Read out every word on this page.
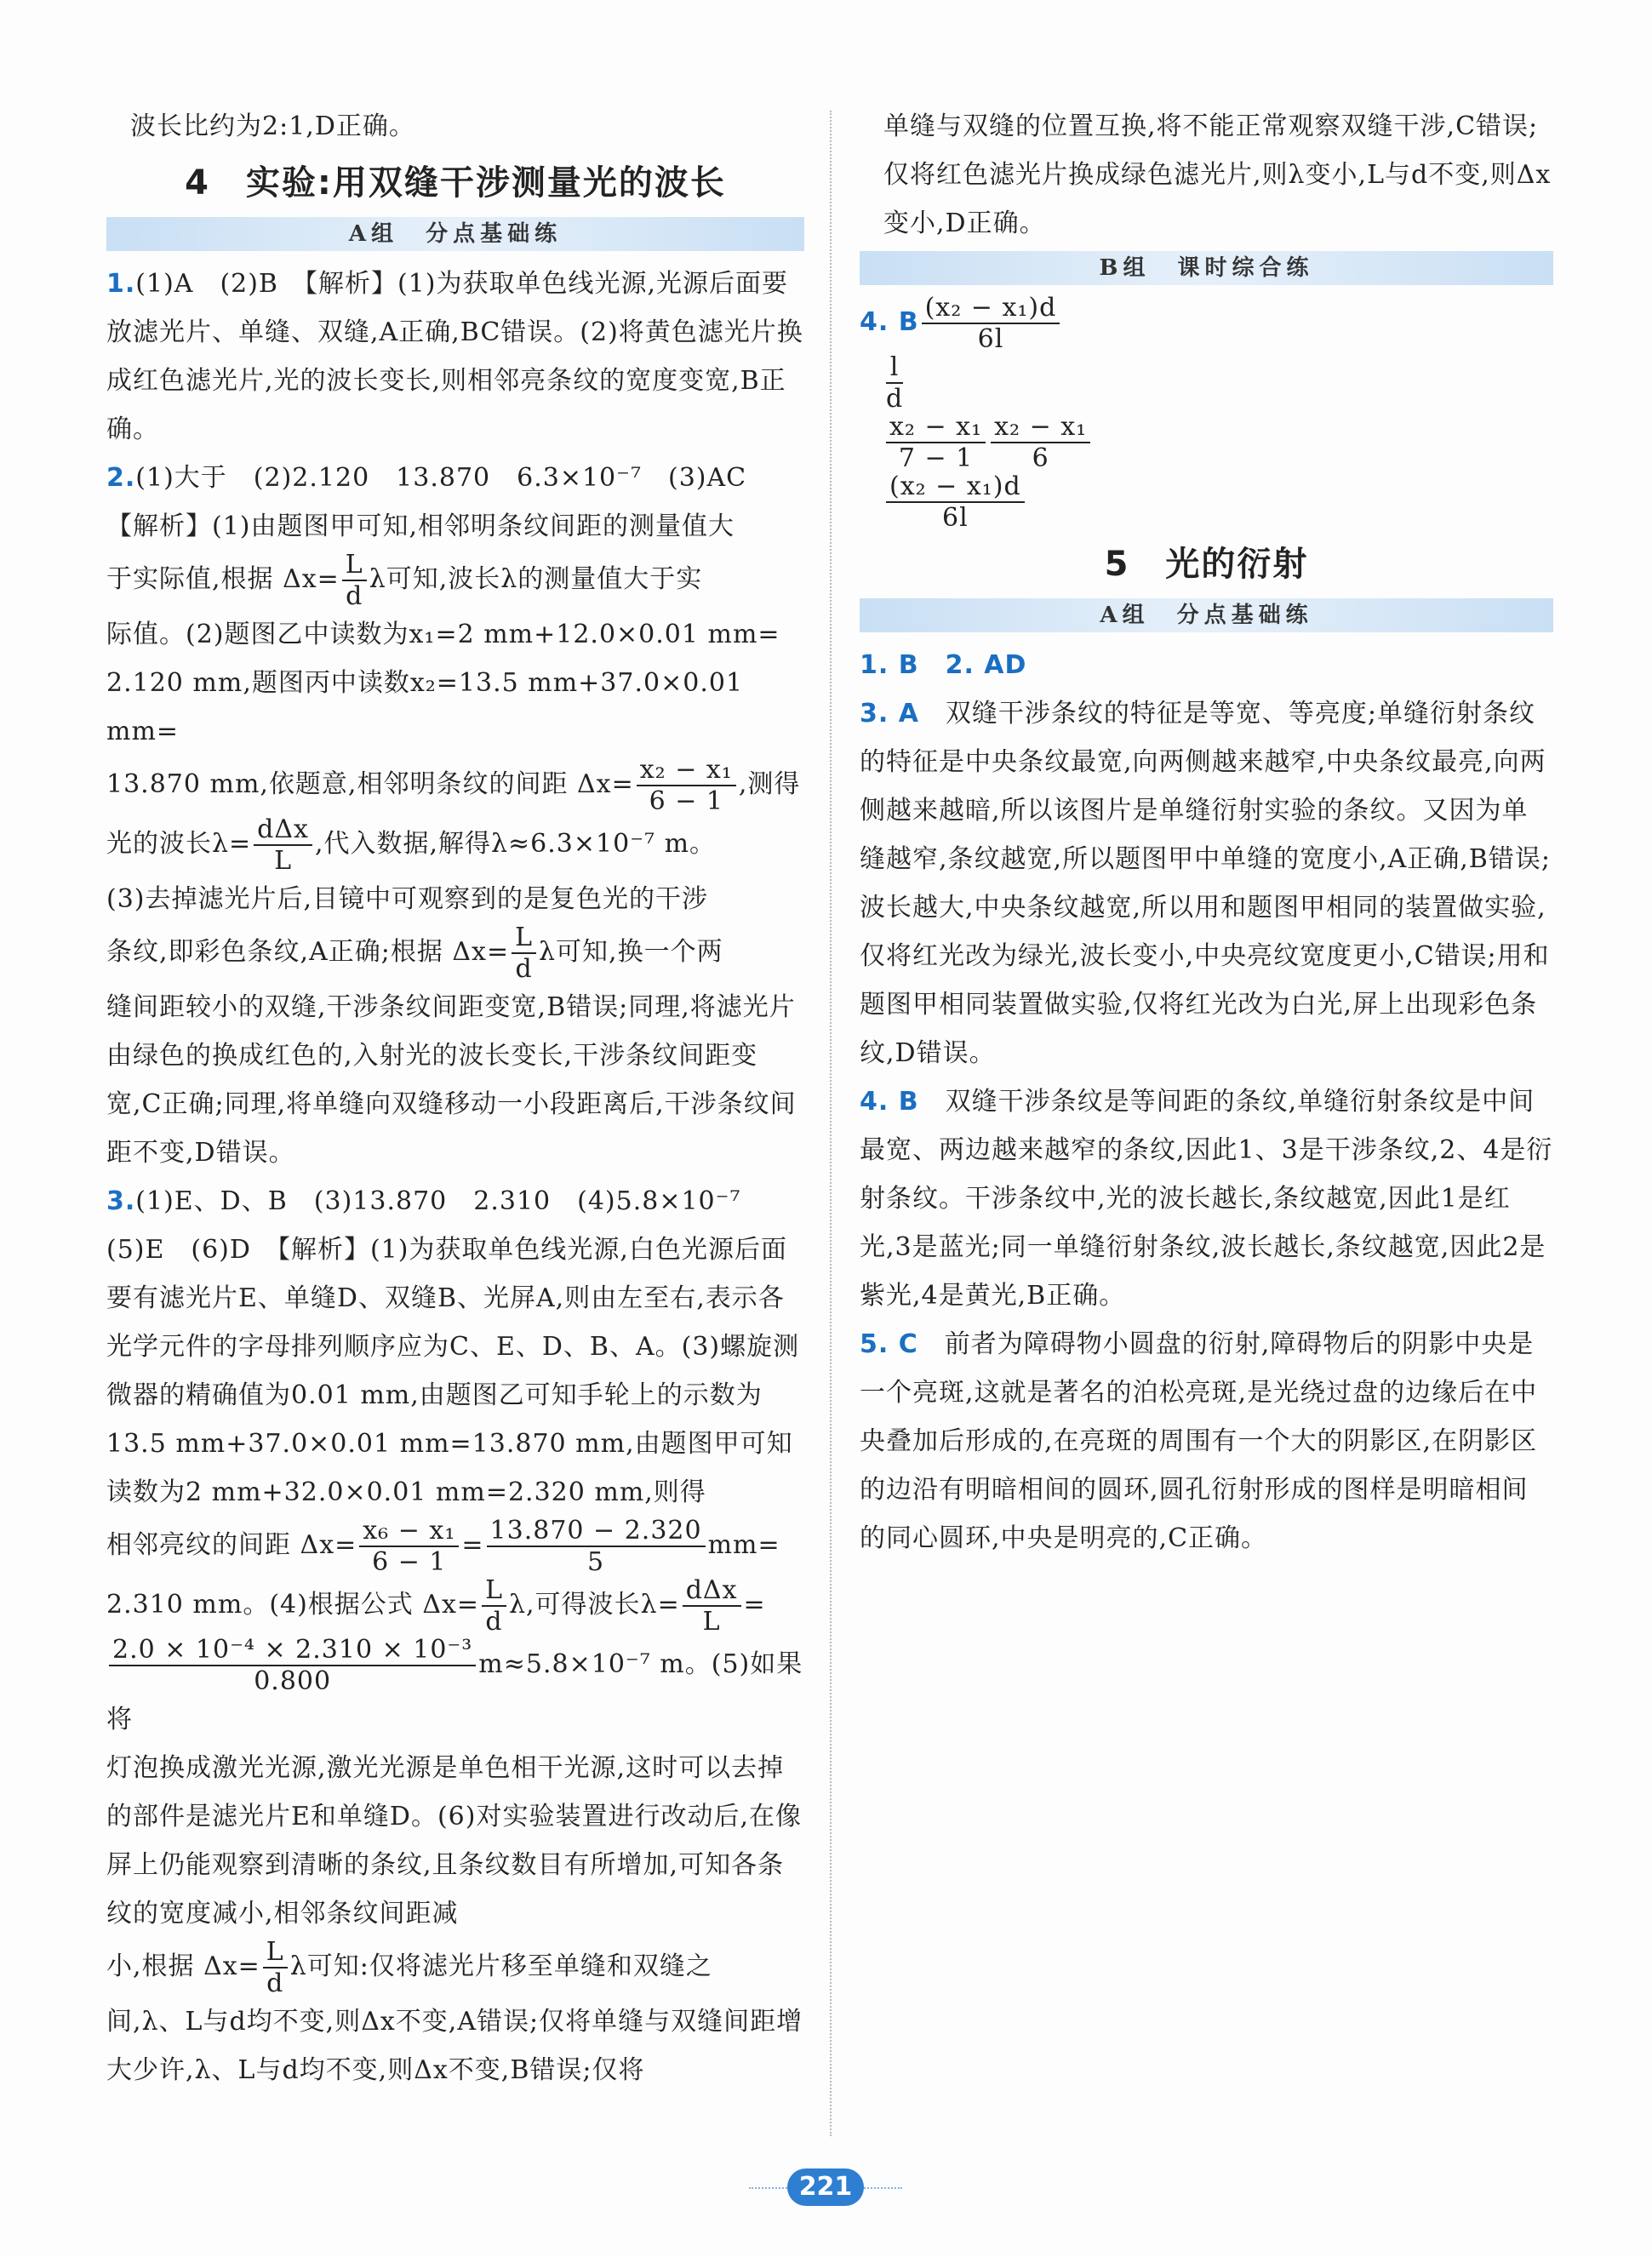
波长比约为2:1,D正确。

4　实验:用双缝干涉测量光的波长
A组　分点基础练

1.(1)A　(2)B　【解析】(1)为获取单色线光源,光源后面要放滤光片、单缝、双缝,A正确,BC错误。(2)将黄色滤光片换成红色滤光片,光的波长变长,则相邻亮条纹的宽度变宽,B正确。

2.(1)大于　(2)2.120　13.870　6.3×10⁻⁷　(3)AC

【解析】(1)由题图甲可知,相邻明条纹间距的测量值大

于实际值,根据 $\Delta x= \frac{L}{d}$ λ可知,波长λ的测量值大于实

际值。(2)题图乙中读数为x₁=2 mm+12.0×0.01 mm=

2.120 mm,题图丙中读数x₂=13.5 mm+37.0×0.01 mm=

13.870 mm,依题意,相邻明条纹的间距 $\Delta x= \frac{\text{x₂ − x₁}}{6 - 1}$ ,测得

光的波长$\lambda= \frac{\text{dΔx}}{L}$ ,代入数据,解得λ≈6.3×10⁻⁷ m。

(3)去掉滤光片后,目镜中可观察到的是复色光的干涉

条纹,即彩色条纹,A正确;根据 $\Delta x= \frac{L}{d}$ λ可知,换一个两

缝间距较小的双缝,干涉条纹间距变宽,B错误;同理,将滤光片由绿色的换成红色的,入射光的波长变长,干涉条纹间距变宽,C正确;同理,将单缝向双缝移动一小段距离后,干涉条纹间距不变,D错误。

3.(1)E、D、B　(3)13.870　2.310　(4)5.8×10⁻⁷　(5)E　(6)D　【解析】(1)为获取单色线光源,白色光源后面要有滤光片E、单缝D、双缝B、光屏A,则由左至右,表示各光学元件的字母排列顺序应为C、E、D、B、A。(3)螺旋测微器的精确值为0.01 mm,由题图乙可知手轮上的示数为13.5 mm+37.0×0.01 mm=13.870 mm,由题图甲可知读数为2 mm+32.0×0.01 mm=2.320 mm,则得

相邻亮纹的间距 $\Delta x= \frac{\text{x₆ − x₁}}{6 - 1} = \frac{13.870 - 2.320}{5} mm=$

2.310 mm。(4)根据公式 $\Delta x= \frac{L}{d} \lambda$,可得波长$\lambda= \frac{\text{dΔx}}{L}$ =

$\frac{\text{2.0 × 10⁻⁴ × 2.310 × 10⁻³}}{0.800} m\approx 5.8\times 10^{-7}$ m。(5)如果将

灯泡换成激光光源,激光光源是单色相干光源,这时可以去掉的部件是滤光片E和单缝D。(6)对实验装置进行改动后,在像屏上仍能观察到清晰的条纹,且条纹数目有所增加,可知各条纹的宽度减小,相邻条纹间距减

小,根据 $\Delta x= \frac{L}{d}$ λ可知:仅将滤光片移至单缝和双缝之

间,λ、L与d均不变,则Δx不变,A错误;仅将单缝与双缝间距增大少许,λ、L与d均不变,则Δx不变,B错误;仅将

单缝与双缝的位置互换,将不能正常观察双缝干涉,C错误;仅将红色滤光片换成绿色滤光片,则λ变小,L与d不变,则Δx变小,D正确。

B组　课时综合练

4. B $\frac{\text{(x₂ − x₁)d}}{6l}$

$\frac{l}{d}$

$\frac{\text{x₂ − x₁}}{7 - 1} \frac{\text{x₂ − x₁}}{6}$

$\frac{\text{(x₂ − x₁)d}}{6l}$

5　光的衍射
A组　分点基础练

1. B　2. AD

3. A　双缝干涉条纹的特征是等宽、等亮度;单缝衍射条纹的特征是中央条纹最宽,向两侧越来越窄,中央条纹最亮,向两侧越来越暗,所以该图片是单缝衍射实验的条纹。又因为单缝越窄,条纹越宽,所以题图甲中单缝的宽度小,A正确,B错误;波长越大,中央条纹越宽,所以用和题图甲相同的装置做实验,仅将红光改为绿光,波长变小,中央亮纹宽度更小,C错误;用和题图甲相同装置做实验,仅将红光改为白光,屏上出现彩色条纹,D错误。

4. B　双缝干涉条纹是等间距的条纹,单缝衍射条纹是中间最宽、两边越来越窄的条纹,因此1、3是干涉条纹,2、4是衍射条纹。干涉条纹中,光的波长越长,条纹越宽,因此1是红光,3是蓝光;同一单缝衍射条纹,波长越长,条纹越宽,因此2是紫光,4是黄光,B正确。

5. C　前者为障碍物小圆盘的衍射,障碍物后的阴影中央是一个亮斑,这就是著名的泊松亮斑,是光绕过盘的边缘后在中央叠加后形成的,在亮斑的周围有一个大的阴影区,在阴影区的边沿有明暗相间的圆环,圆孔衍射形成的图样是明暗相间的同心圆环,中央是明亮的,C正确。

221
